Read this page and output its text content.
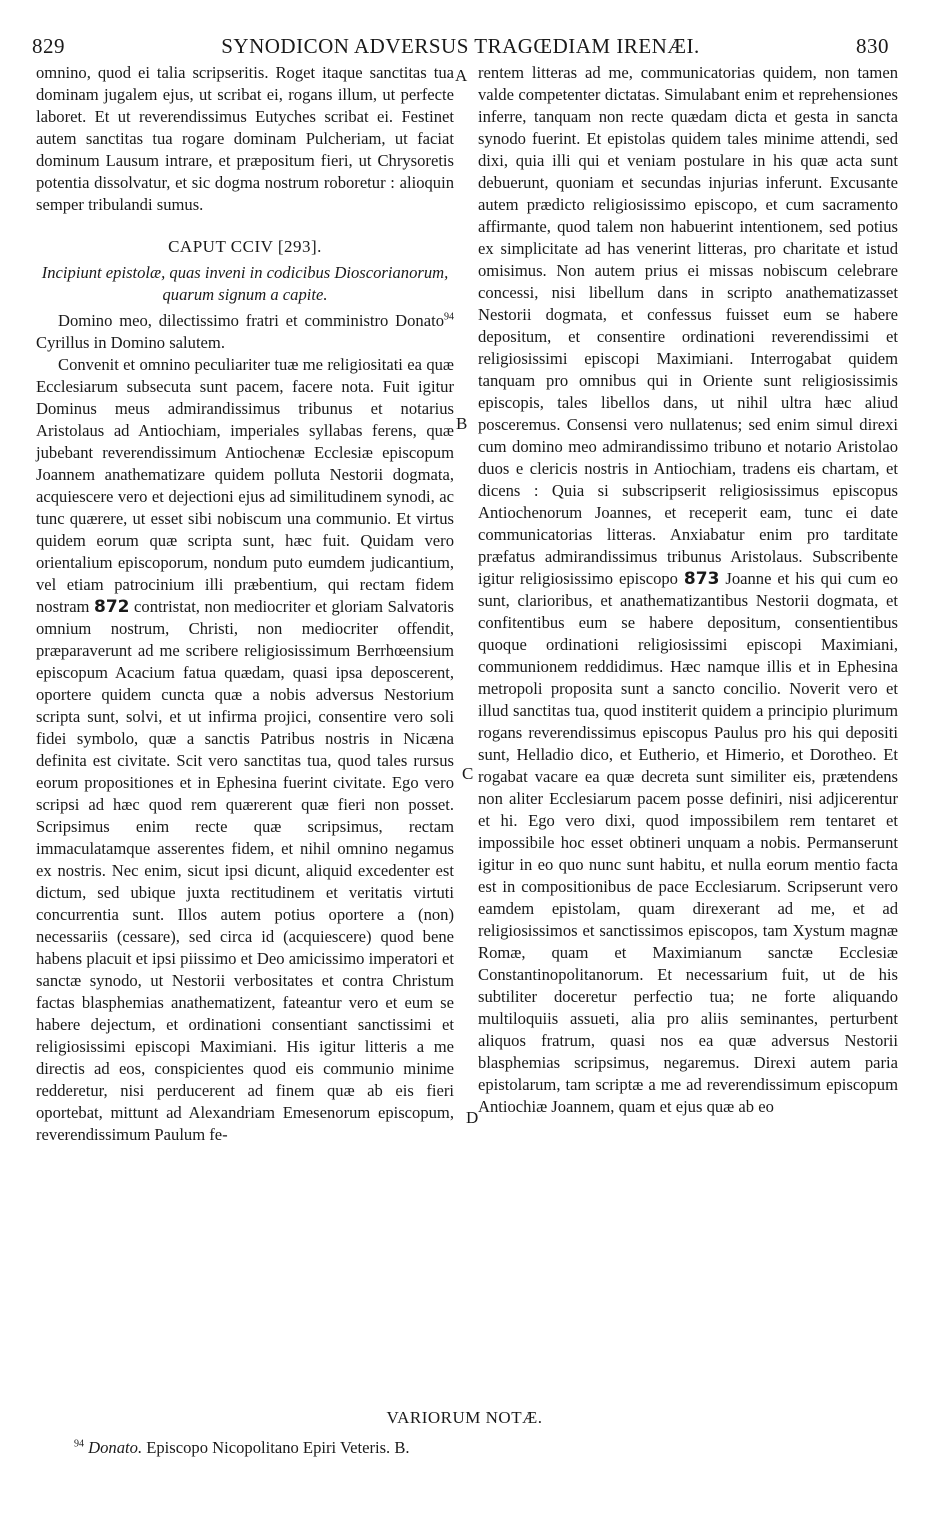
829	SYNODICON ADVERSUS TRAGŒDIAM IRENÆI.	830

omnino, quod ei talia scripseritis. Roget itaque sanctitas tua dominam jugalem ejus, ut scribat ei, rogans illum, ut perfecte laboret. Et ut reverendissimus Eutyches scribat ei. Festinet autem sanctitas tua rogare dominam Pulcheriam, ut faciat dominum Lausum intrare, et præpositum fieri, ut Chrysoretis potentia dissolvatur, et sic dogma nostrum roboretur : alioquin semper tribulandi sumus.

CAPUT CCIV [293].
Incipiunt epistolæ, quas inveni in codicibus Dioscorianorum, quarum signum a capite.

Domino meo, dilectissimo fratri et comministro Donato$^{94}$ Cyrillus in Domino salutem.

Convenit et omnino peculiariter tuæ me religiositati ea quæ Ecclesiarum subsecuta sunt pacem, facere nota. Fuit igitur Dominus meus admirandissimus tribunus et notarius Aristolaus ad Antiochiam, imperiales syllabas ferens, quæ jubebant reverendissimum Antiochenæ Ecclesiæ episcopum Joannem anathematizare quidem polluta Nestorii dogmata, acquiescere vero et dejectioni ejus ad similitudinem synodi, ac tunc quærere, ut esset sibi nobiscum una communio. Et virtus quidem eorum quæ scripta sunt, hæc fuit. Quidam vero orientalium episcoporum, nondum puto eumdem judicantium, vel etiam patrocinium illi præbentium, qui rectam fidem nostram 872 contristat, non mediocriter et gloriam Salvatoris omnium nostrum, Christi, non mediocriter offendit, præparaverunt ad me scribere religiosissimum Berrhœensium episcopum Acacium fatua quædam, quasi ipsa deposcerent, oportere quidem cuncta quæ a nobis adversus Nestorium scripta sunt, solvi, et ut infirma projici, consentire vero soli fidei symbolo, quæ a sanctis Patribus nostris in Nicæna definita est civitate. Scit vero sanctitas tua, quod tales rursus eorum propositiones et in Ephesina fuerint civitate. Ego vero scripsi ad hæc quod rem quærerent quæ fieri non posset. Scripsimus enim recte quæ scripsimus, rectam immaculatamque asserentes fidem, et nihil omnino negamus ex nostris. Nec enim, sicut ipsi dicunt, aliquid excedenter est dictum, sed ubique juxta rectitudinem et veritatis virtuti concurrentia sunt. Illos autem potius oportere a (non) necessariis (cessare), sed circa id (acquiescere) quod bene habens placuit et ipsi piissimo et Deo amicissimo imperatori et sanctæ synodo, ut Nestorii verbositates et contra Christum factas blasphemias anathematizent, fateantur vero et eum se habere dejectum, et ordinationi consentiant sanctissimi et religiosissimi episcopi Maximiani. His igitur litteris a me directis ad eos, conspicientes quod eis communio minime redderetur, nisi perducerent ad finem quæ ab eis fieri oportebat, mittunt ad Alexandriam Emesenorum episcopum, reverendissimum Paulum fe-

rentem litteras ad me, communicatorias quidem, non tamen valde competenter dictatas. Simulabant enim et reprehensiones inferre, tanquam non recte quædam dicta et gesta in sancta synodo fuerint. Et epistolas quidem tales minime attendi, sed dixi, quia illi qui et veniam postulare in his quæ acta sunt debuerunt, quoniam et secundas injurias inferunt. Excusante autem prædicto religiosissimo episcopo, et cum sacramento affirmante, quod talem non habuerint intentionem, sed potius ex simplicitate ad has venerint litteras, pro charitate et istud omisimus. Non autem prius ei missas nobiscum celebrare concessi, nisi libellum dans in scripto anathematizasset Nestorii dogmata, et confessus fuisset eum se habere depositum, et consentire ordinationi reverendissimi et religiosissimi episcopi Maximiani. Interrogabat quidem tanquam pro omnibus qui in Oriente sunt religiosissimis episcopis, tales libellos dans, ut nihil ultra hæc aliud posceremus. Consensi vero nullatenus; sed enim simul direxi cum domino meo admirandissimo tribuno et notario Aristolao duos e clericis nostris in Antiochiam, tradens eis chartam, et dicens : Quia si subscripserit religiosissimus episcopus Antiochenorum Joannes, et receperit eam, tunc ei date communicatorias litteras. Anxiabatur enim pro tarditate præfatus admirandissimus tribunus Aristolaus. Subscribente igitur religiosissimo episcopo 873 Joanne et his qui cum eo sunt, clarioribus, et anathematizantibus Nestorii dogmata, et confitentibus eum se habere depositum, consentientibus quoque ordinationi religiosissimi episcopi Maximiani, communionem reddidimus. Hæc namque illis et in Ephesina metropoli proposita sunt a sancto concilio. Noverit vero et illud sanctitas tua, quod institerit quidem a principio plurimum rogans reverendissimus episcopus Paulus pro his qui depositi sunt, Helladio dico, et Eutherio, et Himerio, et Dorotheo. Et rogabat vacare ea quæ decreta sunt similiter eis, prætendens non aliter Ecclesiarum pacem posse definiri, nisi adjicerentur et hi. Ego vero dixi, quod impossibilem rem tentaret et impossibile hoc esset obtineri unquam a nobis. Permanserunt igitur in eo quo nunc sunt habitu, et nulla eorum mentio facta est in compositionibus de pace Ecclesiarum. Scripserunt vero eamdem epistolam, quam direxerant ad me, et ad religiosissimos et sanctissimos episcopos, tam Xystum magnæ Romæ, quam et Maximianum sanctæ Ecclesiæ Constantinopolitanorum. Et necessarium fuit, ut de his subtiliter doceretur perfectio tua; ne forte aliquando multiloquiis assueti, alia pro aliis seminantes, perturbent aliquos fratrum, quasi nos ea quæ adversus Nestorii blasphemias scripsimus, negaremus. Direxi autem paria epistolarum, tam scriptæ a me ad reverendissimum episcopum Antiochiæ Joannem, quam et ejus quæ ab eo

A
B
C
D
VARIORUM NOTÆ.
$^{94}$ Donato. Episcopo Nicopolitano Epiri Veteris. B.
